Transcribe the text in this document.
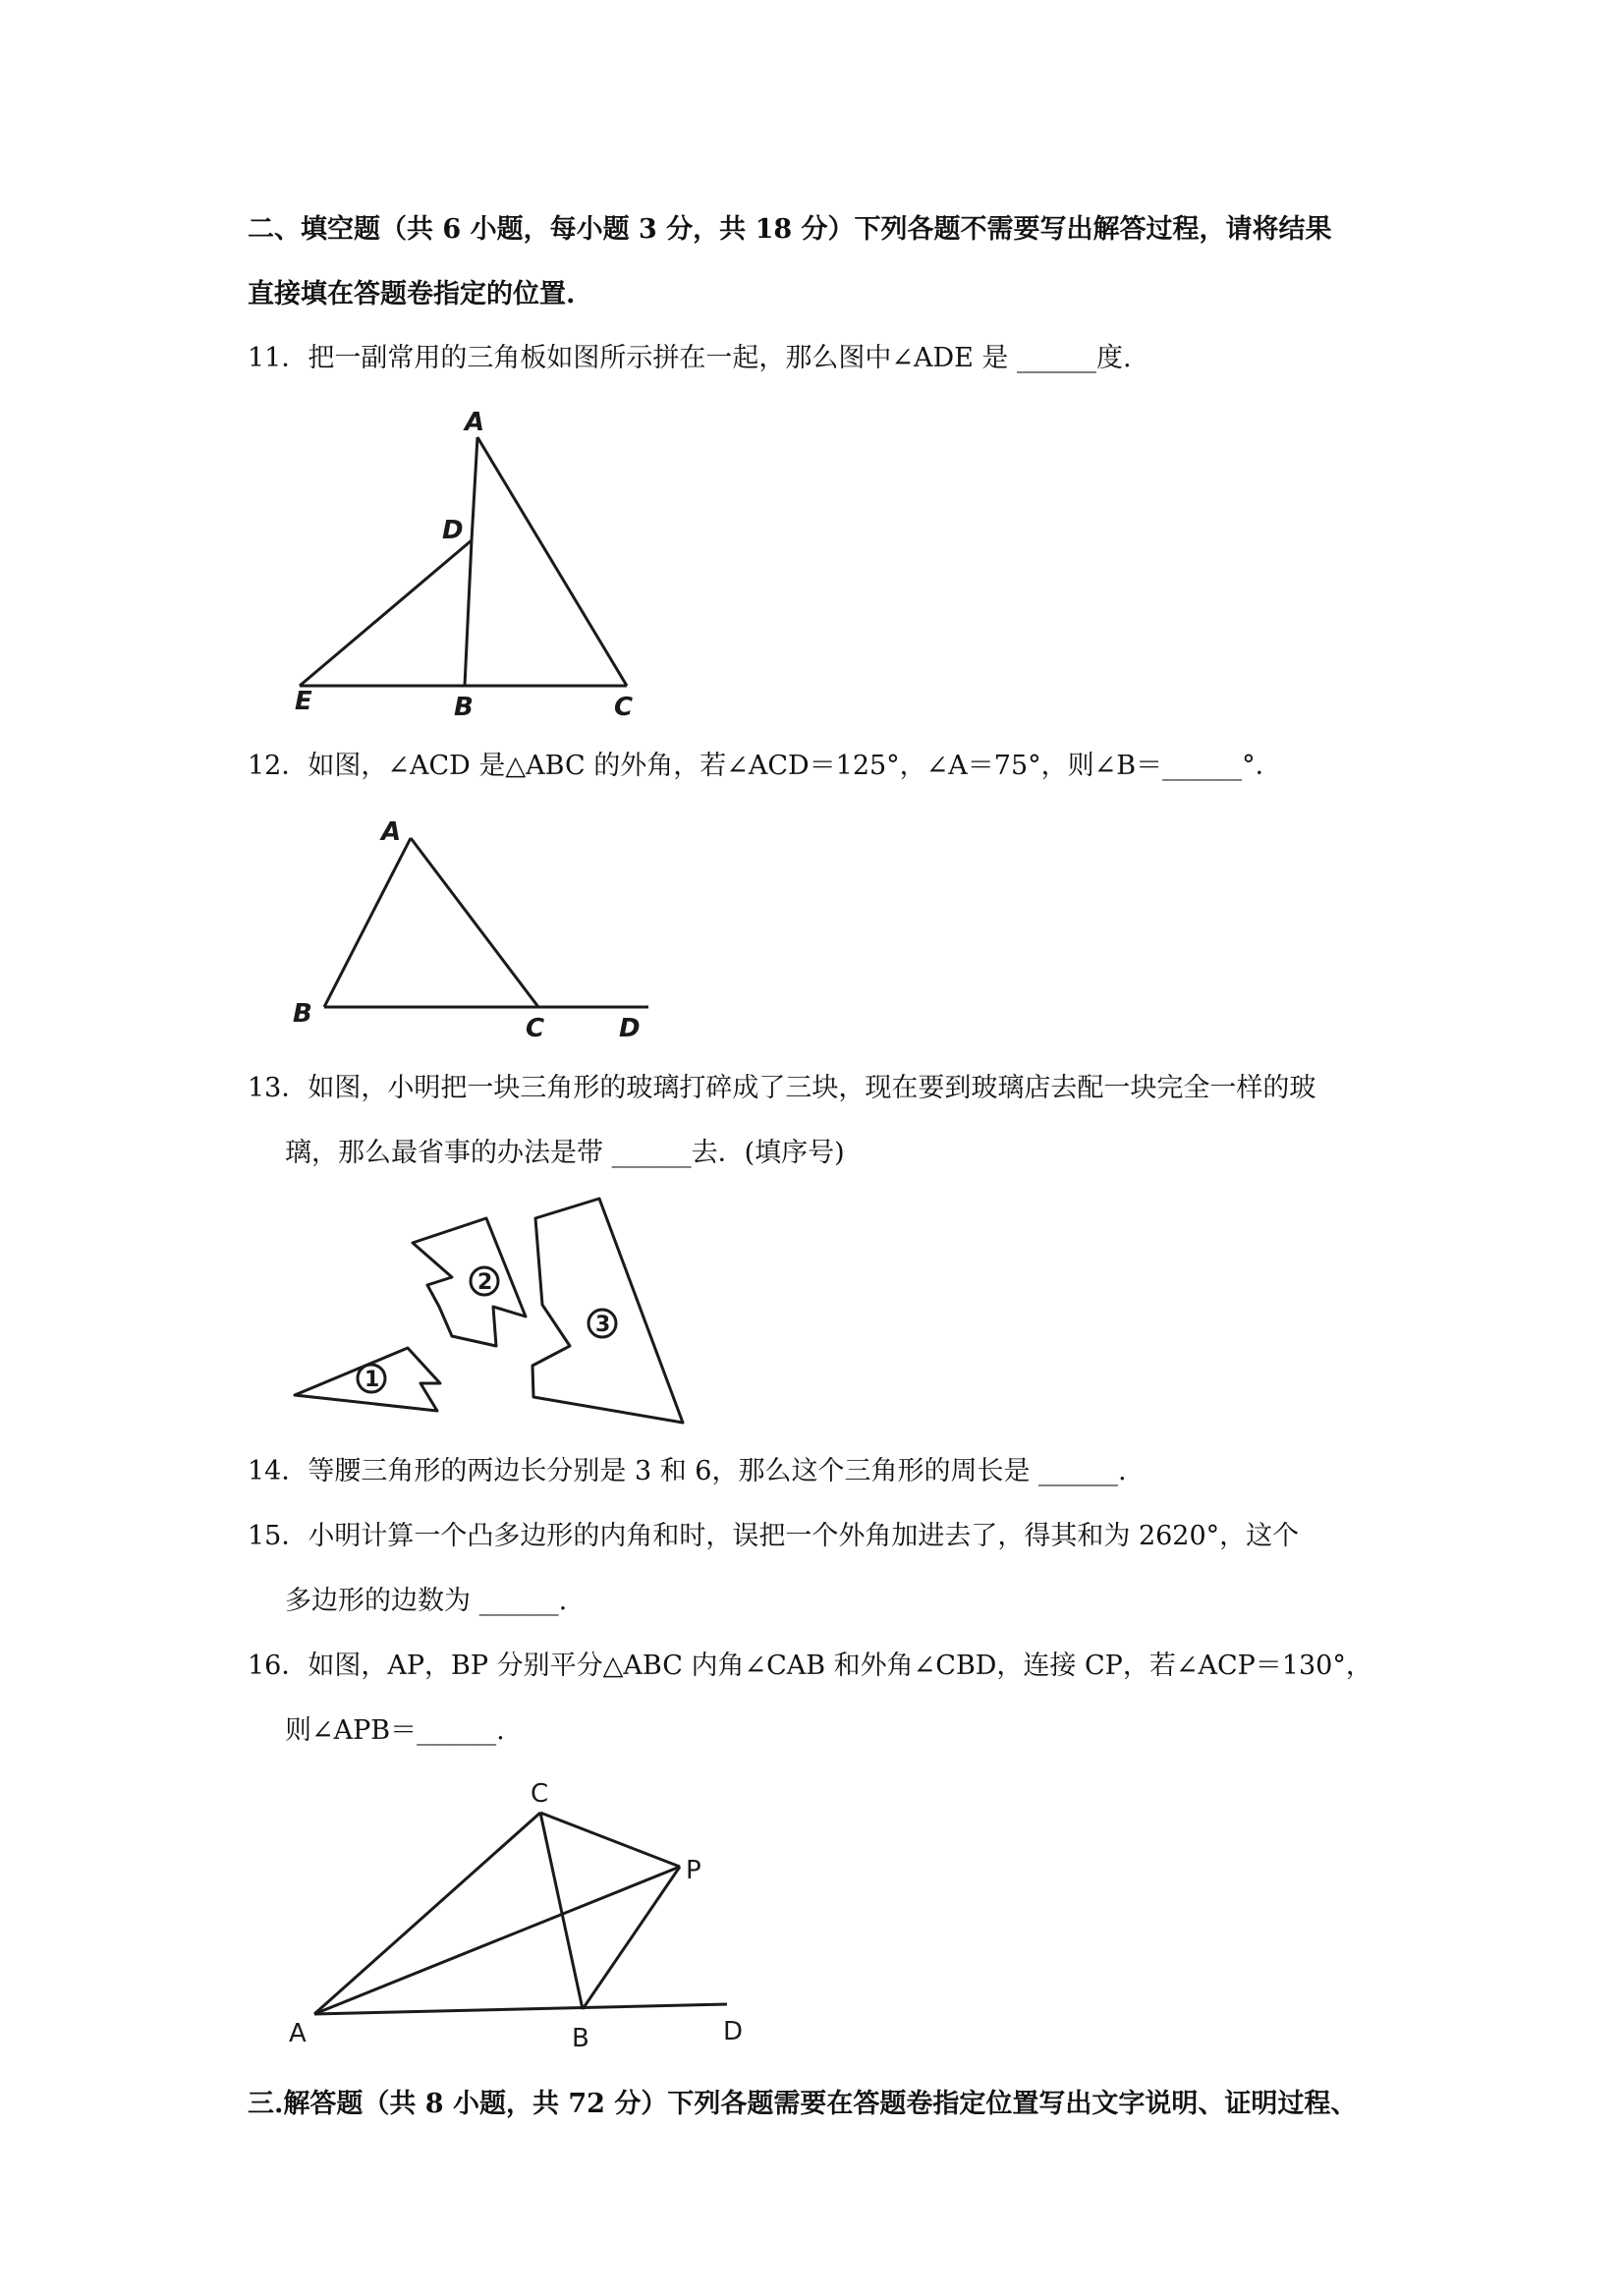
二、填空题（共 6 小题，每小题 3 分，共 18 分）下列各题不需要写出解答过程，请将结果
直接填在答题卷指定的位置.
11．把一副常用的三角板如图所示拼在一起，那么图中∠ADE 是 ______度.
A
D
E	B	C
12．如图，∠ACD 是△ABC 的外角，若∠ACD＝125°，∠A＝75°，则∠B＝______°．
A
B	C	D
13．如图，小明把一块三角形的玻璃打碎成了三块，现在要到玻璃店去配一块完全一样的玻
璃，那么最省事的办法是带 ______去．(填序号)
1
2
3
14．等腰三角形的两边长分别是 3 和 6，那么这个三角形的周长是 ______.
15．小明计算一个凸多边形的内角和时，误把一个外角加进去了，得其和为 2620°，这个
多边形的边数为 ______.
16．如图，AP，BP 分别平分△ABC 内角∠CAB 和外角∠CBD，连接 CP，若∠ACP＝130°，
则∠APB＝______.
C
P
A	B	D
三.解答题（共 8 小题，共 72 分）下列各题需要在答题卷指定位置写出文字说明、证明过程、
